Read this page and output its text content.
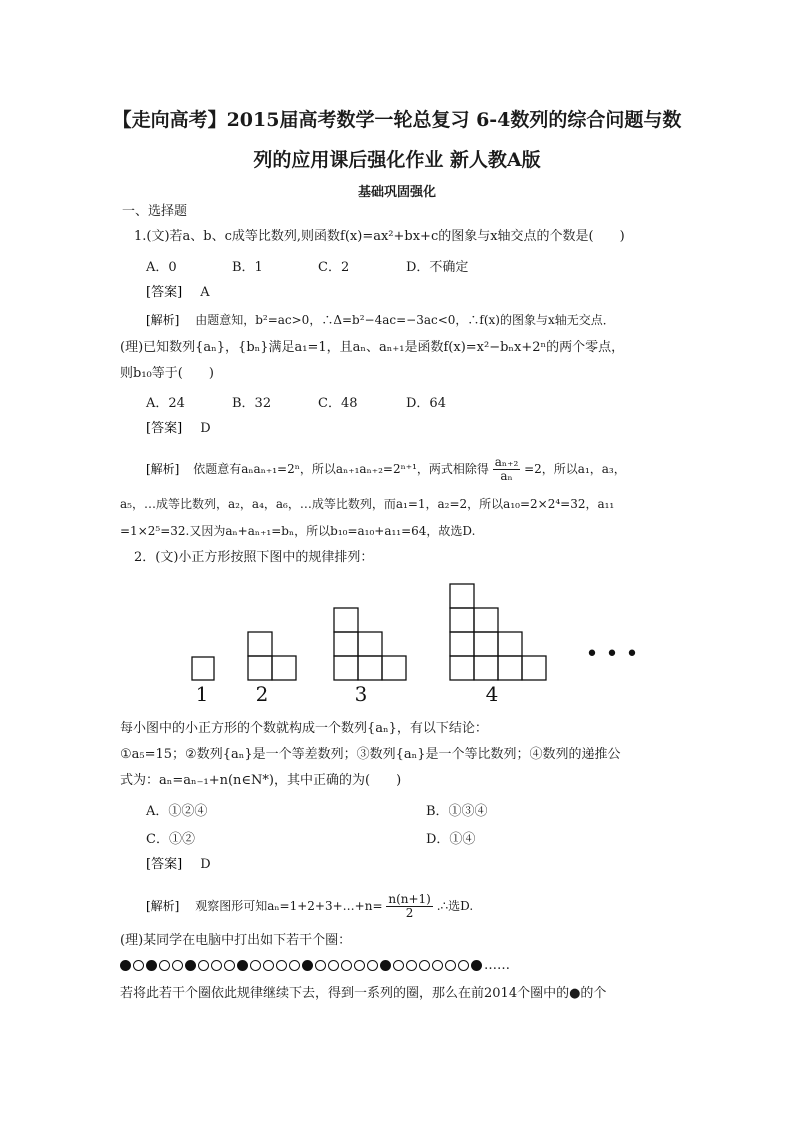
【走向高考】2015届高考数学一轮总复习 6-4数列的综合问题与数
列的应用课后强化作业 新人教A版
基础巩固强化
一、选择题
1.(文)若a、b、c成等比数列,则函数f(x)=ax²+bx+c的图象与x轴交点的个数是(　　)
A．0	B．1	C．2	D．不确定
[答案] A
[解析] 由题意知，b²=ac>0，∴Δ=b²−4ac=−3ac<0，∴f(x)的图象与x轴无交点．
(理)已知数列{aₙ}，{bₙ}满足a₁=1，且aₙ、aₙ₊₁是函数f(x)=x²−bₙx+2ⁿ的两个零点，
则b₁₀等于(　　)
A．24	B．32	C．48	D．64
[答案] D
[解析] 依题意有aₙaₙ₊₁=2ⁿ，所以aₙ₊₁aₙ₊₂=2ⁿ⁺¹，两式相除得 $\frac{\text{aₙ₊₂}}{\text{aₙ}} =2$，所以a₁，a₃，
a₅，…成等比数列，a₂，a₄，a₆，…成等比数列，而a₁=1，a₂=2，所以a₁₀=2×2⁴=32，a₁₁
=1×2⁵=32.又因为aₙ+aₙ₊₁=bₙ，所以b₁₀=a₁₀+a₁₁=64，故选D.
2．(文)小正方形按照下图中的规律排列：
1 2	3	4
• • •
每小图中的小正方形的个数就构成一个数列{aₙ}，有以下结论：
①a₅=15；②数列{aₙ}是一个等差数列；③数列{aₙ}是一个等比数列；④数列的递推公
式为：aₙ=aₙ₋₁+n(n∈N*)，其中正确的为(　　)
A．①②④	B．①③④
C．①②	D．①④
[答案] D
[解析] 观察图形可知aₙ=1+2+3+…+n= $\frac{n(n+1)}{2}$ .∴选D.
(理)某同学在电脑中打出如下若干个圈：
……
若将此若干个圈依此规律继续下去，得到一系列的圈，那么在前2014个圈中的●的个
